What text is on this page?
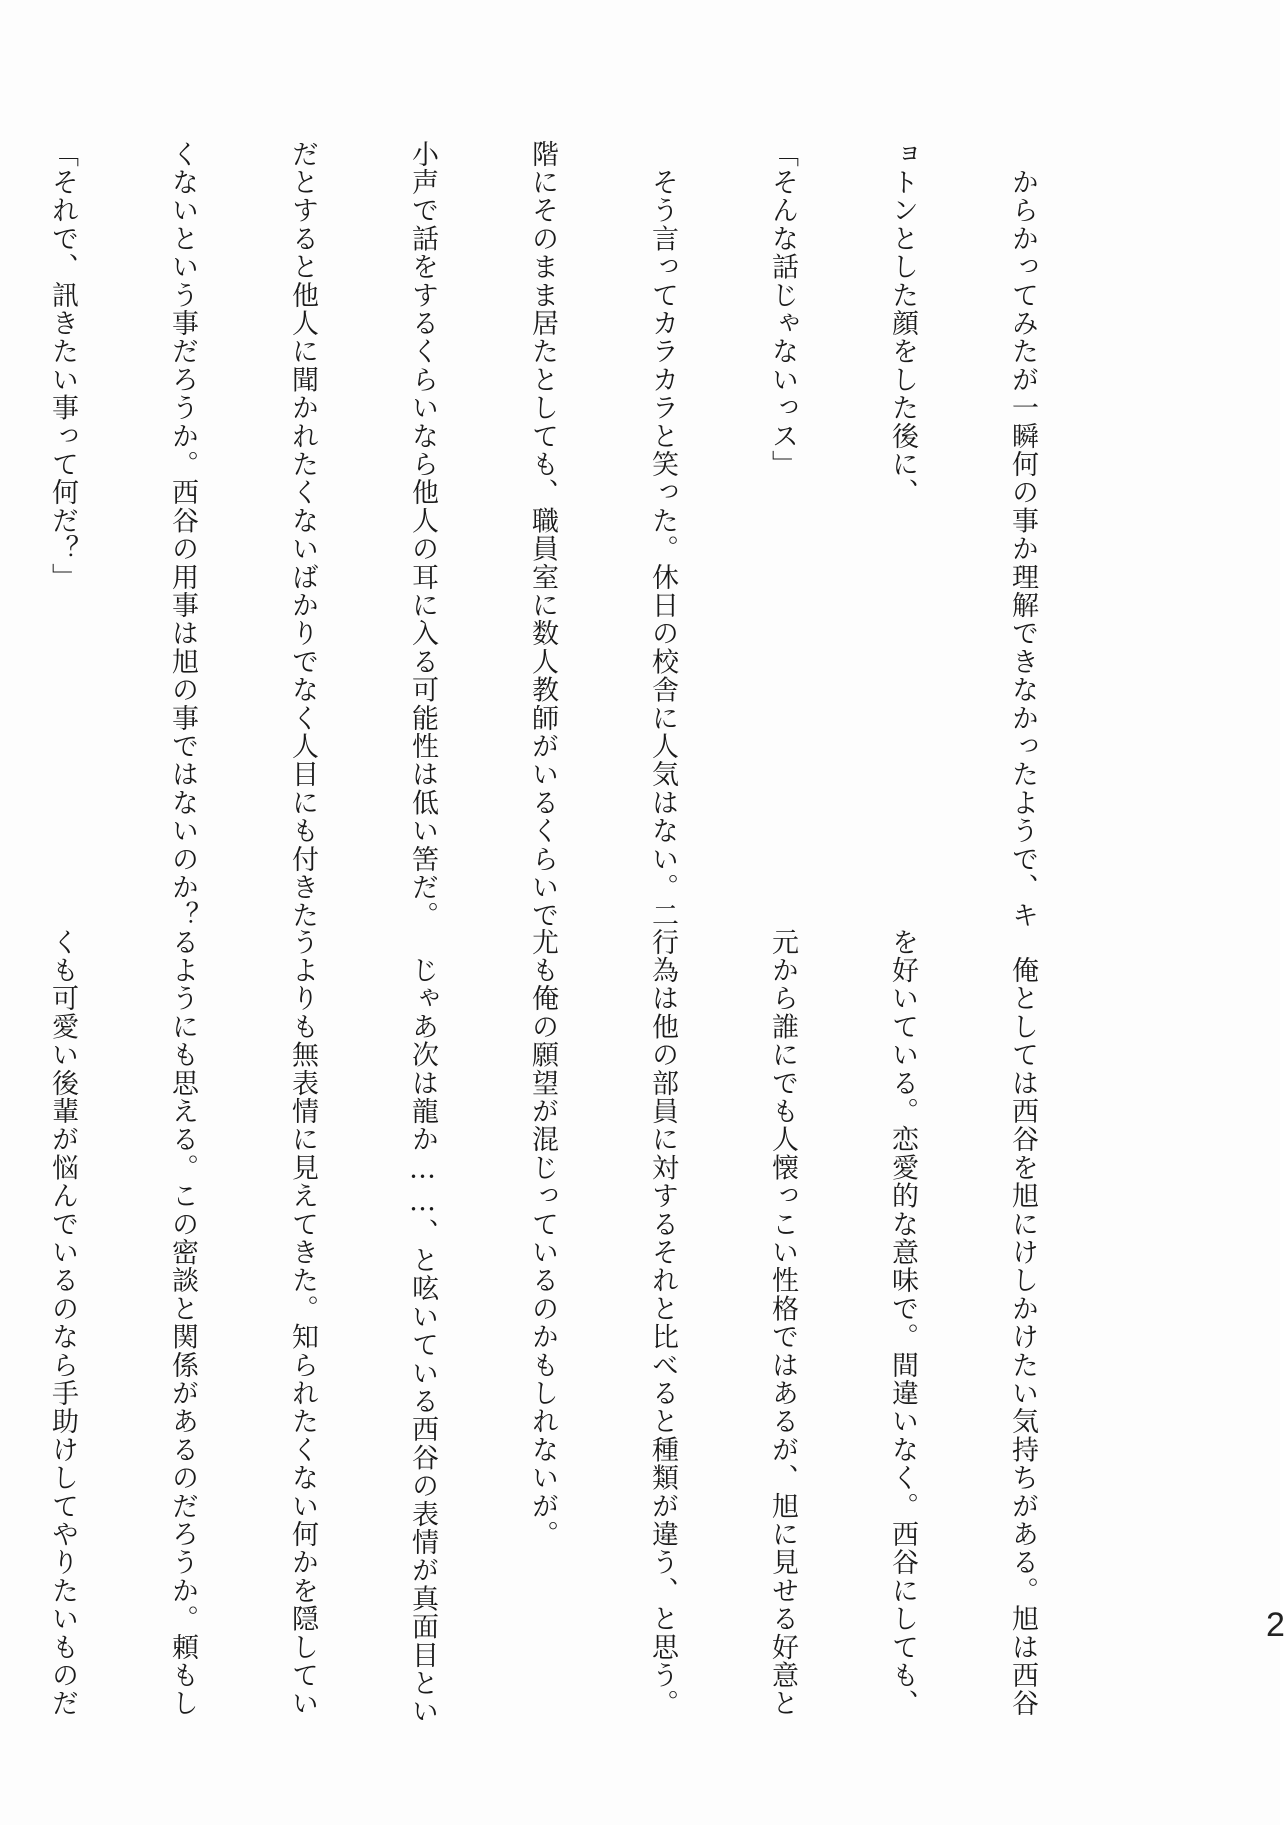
　からかってみたが一瞬何の事か理解できなかったようで、キ

ョトンとした顔をした後に、

「そんな話じゃないっス」

　そう言ってカラカラと笑った。休日の校舎に人気はない。二

階にそのまま居たとしても、職員室に数人教師がいるくらいで

小声で話をするくらいなら他人の耳に入る可能性は低い筈だ。

だとすると他人に聞かれたくないばかりでなく人目にも付きた

くないという事だろうか。西谷の用事は旭の事ではないのか？

「それで、訊きたい事って何だ？」

　俺としては西谷を旭にけしかけたい気持ちがある。旭は西谷

を好いている。恋愛的な意味で。間違いなく。西谷にしても、

元から誰にでも人懐っこい性格ではあるが、旭に見せる好意と

行為は他の部員に対するそれと比べると種類が違う、と思う。

尤も俺の願望が混じっているのかもしれないが。

　じゃあ次は龍か……、と呟いている西谷の表情が真面目とい

うよりも無表情に見えてきた。知られたくない何かを隠してい

るようにも思える。この密談と関係があるのだろうか。頼もし

くも可愛い後輩が悩んでいるのなら手助けしてやりたいものだ

	2
